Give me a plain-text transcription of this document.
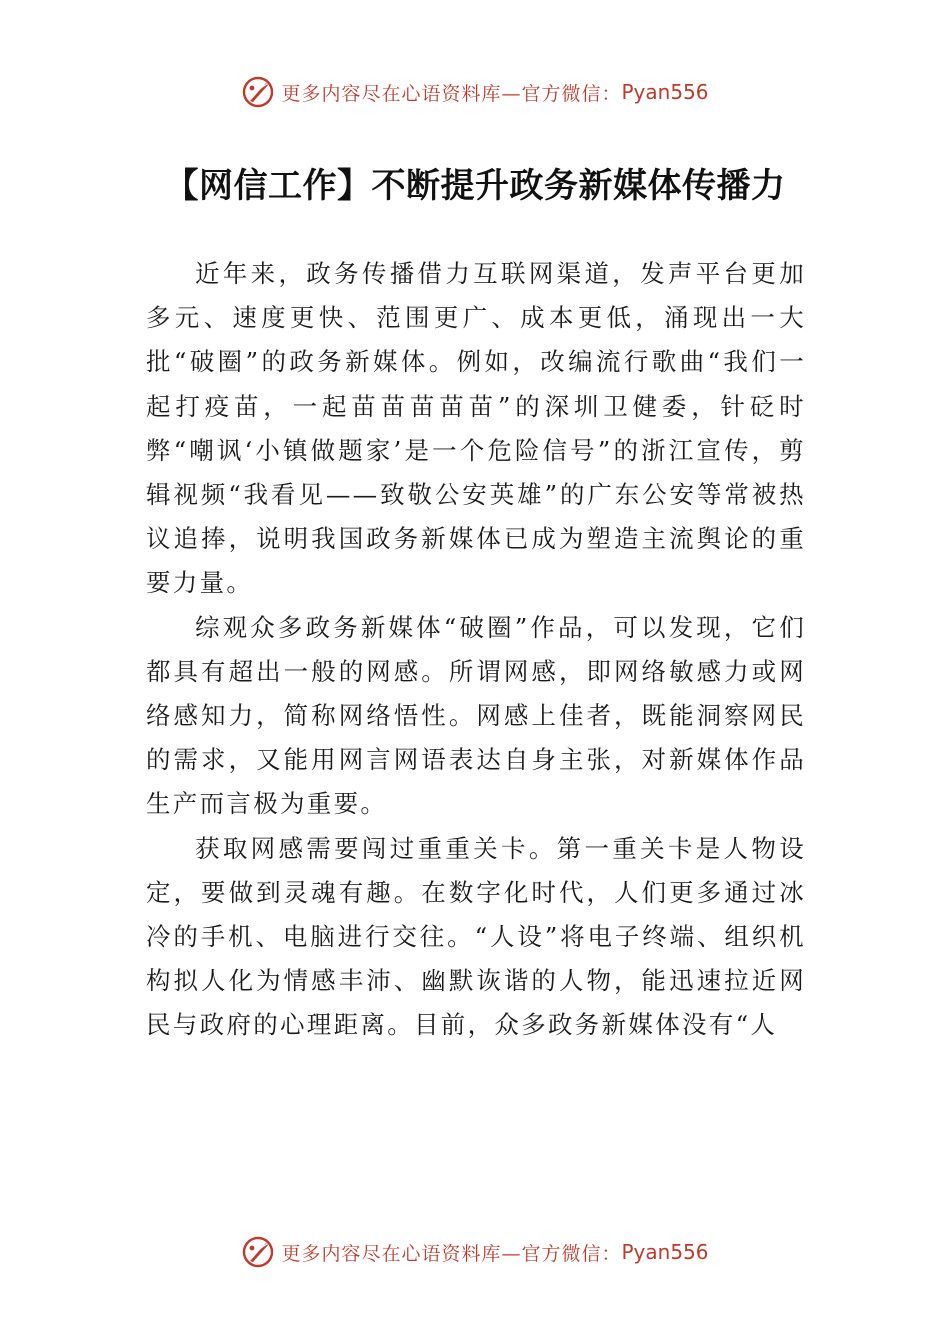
更多内容尽在心语资料库—官方微信： Pyan556
【网信工作】不断提升政务新媒体传播力

近年来，政务传播借力互联网渠道，发声平台更加多元、速度更快、范围更广、成本更低，涌现出一大批“破圈”的政务新媒体。例如，改编流行歌曲“我们一起打疫苗，一起苗苗苗苗苗”的深圳卫健委，针砭时弊“嘲讽‘小镇做题家’是一个危险信号”的浙江宣传，剪辑视频“我看见——致敬公安英雄”的广东公安等常被热议追捧，说明我国政务新媒体已成为塑造主流舆论的重要力量。

综观众多政务新媒体“破圈”作品，可以发现，它们都具有超出一般的网感。所谓网感，即网络敏感力或网络感知力，简称网络悟性。网感上佳者，既能洞察网民的需求，又能用网言网语表达自身主张，对新媒体作品生产而言极为重要。

获取网感需要闯过重重关卡。第一重关卡是人物设定，要做到灵魂有趣。在数字化时代，人们更多通过冰冷的手机、电脑进行交往。“人设”将电子终端、组织机构拟人化为情感丰沛、幽默诙谐的人物，能迅速拉近网民与政府的心理距离。目前，众多政务新媒体没有“人

更多内容尽在心语资料库—官方微信： Pyan556
